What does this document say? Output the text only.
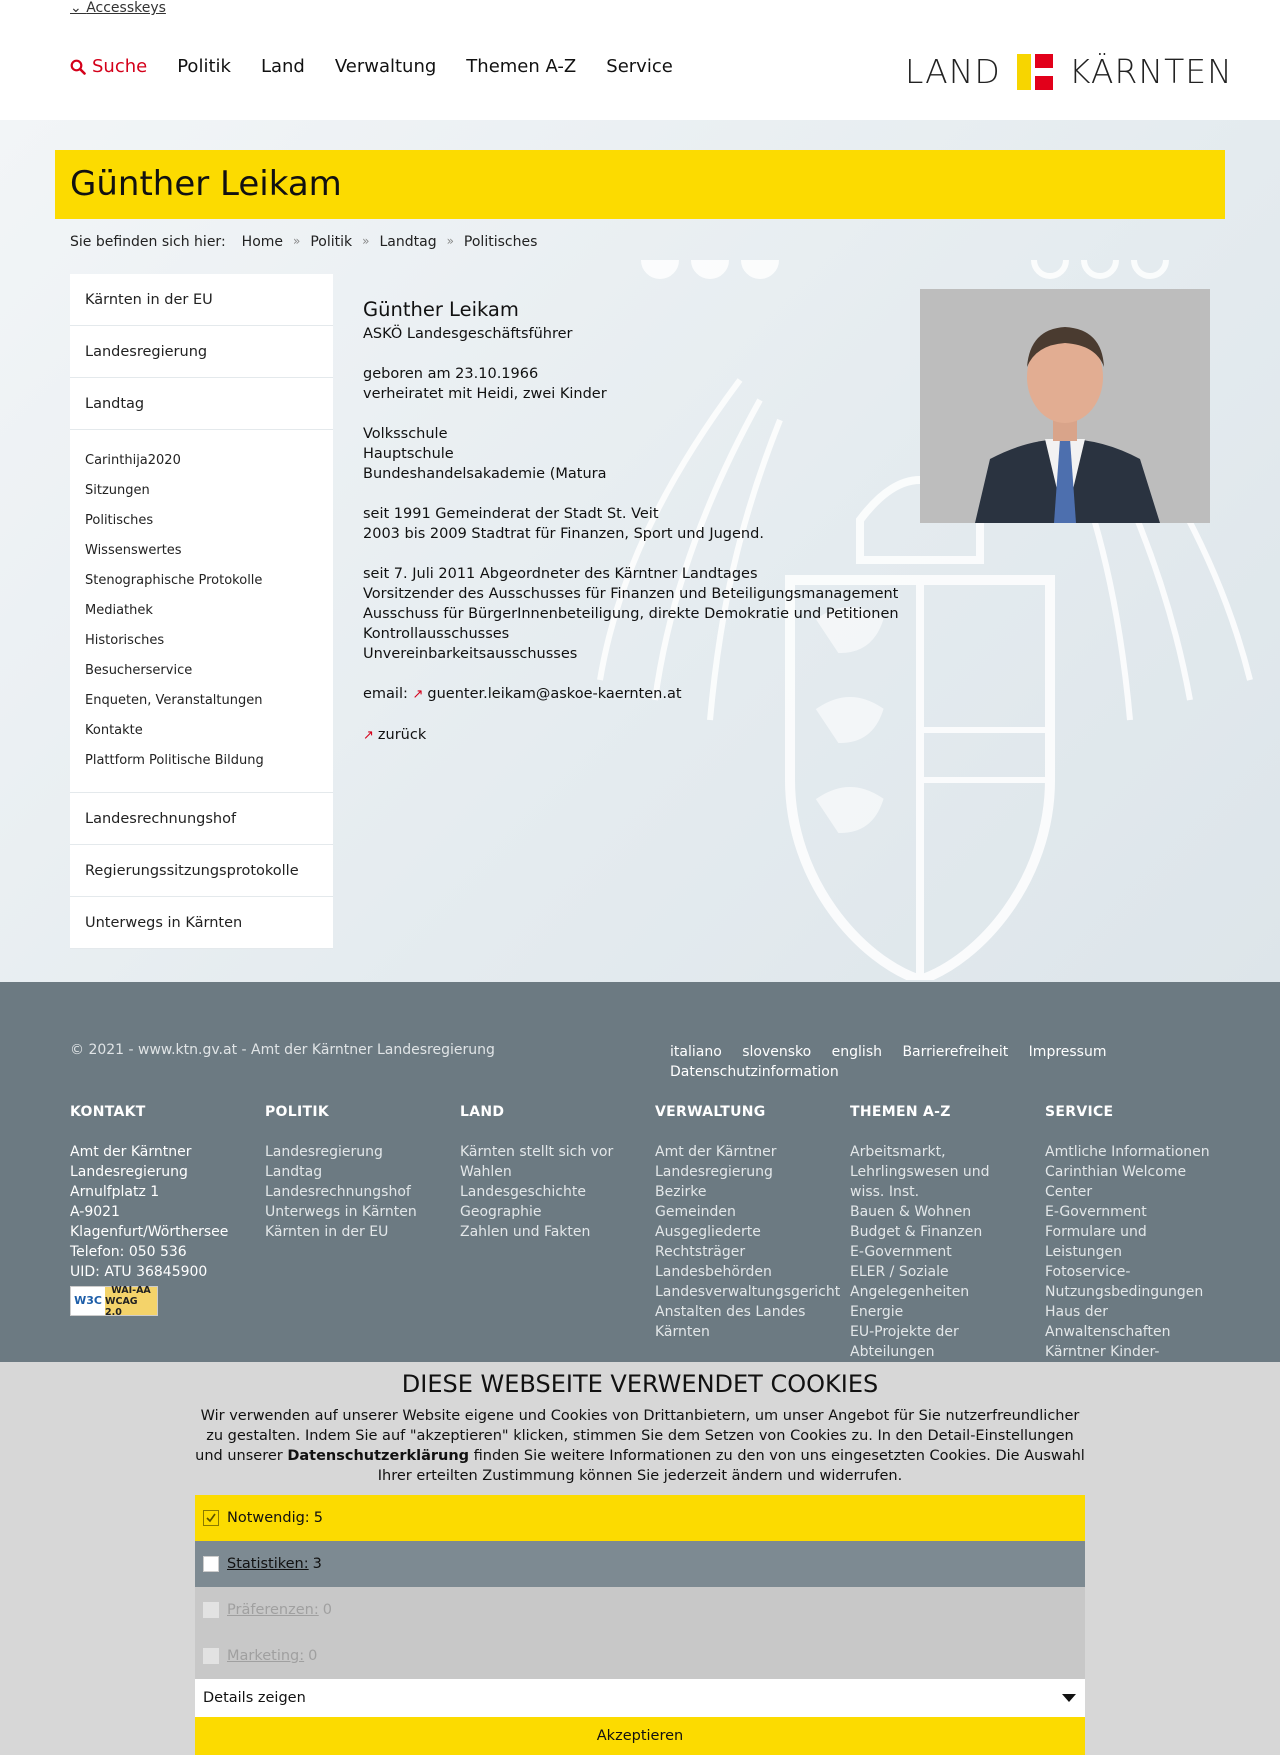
⌄ Accesskeys
Suche Politik Land Verwaltung Themen A-Z Service	LAND KÄRNTEN
Günther Leikam
Sie befinden sich hier: Home » Politik » Landtag » Politisches
Kärnten in der EU
Landesregierung
Landtag
Carinthija2020
Sitzungen
Politisches
Wissenswertes
Stenographische Protokolle
Mediathek
Historisches
Besucherservice
Enqueten, Veranstaltungen
Kontakte
Plattform Politische Bildung
Landesrechnungshof
Regierungssitzungsprotokolle
Unterwegs in Kärnten
Günther Leikam

ASKÖ Landesgeschäftsführer

geboren am 23.10.1966
verheiratet mit Heidi, zwei Kinder

Volksschule
Hauptschule
Bundeshandelsakademie (Matura

seit 1991 Gemeinderat der Stadt St. Veit
2003 bis 2009 Stadtrat für Finanzen, Sport und Jugend.

seit 7. Juli 2011 Abgeordneter des Kärntner Landtages
Vorsitzender des Ausschusses für Finanzen und Beteiligungsmanagement
Ausschuss für BürgerInnenbeteiligung, direkte Demokratie und Petitionen
Kontrollausschusses
Unvereinbarkeitsausschusses

email: ↗ guenter.leikam@askoe-kaernten.at

↗ zurück

© 2021 - www.ktn.gv.at - Amt der Kärntner Landesregierung	italiano slovensko english Barrierefreiheit Impressum
Datenschutzinformation
KONTAKT
Amt der Kärntner
Landesregierung
Arnulfplatz 1
A-9021
Klagenfurt/Wörthersee
Telefon: 050 536
UID: ATU 36845900
W3C
WAI-AA
WCAG 2.0
POLITIK
Landesregierung
Landtag
Landesrechnungshof
Unterwegs in Kärnten
Kärnten in der EU
LAND
Kärnten stellt sich vor
Wahlen
Landesgeschichte
Geographie
Zahlen und Fakten
VERWALTUNG
Amt der Kärntner
Landesregierung
Bezirke
Gemeinden
Ausgegliederte
Rechtsträger
Landesbehörden
Landesverwaltungsgericht
Anstalten des Landes
Kärnten
THEMEN A-Z
Arbeitsmarkt,
Lehrlingswesen und
wiss. Inst.
Bauen & Wohnen
Budget & Finanzen
E-Government
ELER / Soziale
Angelegenheiten
Energie
EU-Projekte der
Abteilungen
SERVICE
Amtliche Informationen
Carinthian Welcome
Center
E-Government
Formulare und
Leistungen
Fotoservice-
Nutzungsbedingungen
Haus der
Anwaltenschaften
Kärntner Kinder-
DIESE WEBSEITE VERWENDET COOKIES
Wir verwenden auf unserer Website eigene und Cookies von Drittanbietern, um unser Angebot für Sie nutzerfreundlicher zu gestalten. Indem Sie auf "akzeptieren" klicken, stimmen Sie dem Setzen von Cookies zu. In den Detail-Einstellungen und unserer Datenschutzerklärung finden Sie weitere Informationen zu den von uns eingesetzten Cookies. Die Auswahl Ihrer erteilten Zustimmung können Sie jederzeit ändern und widerrufen.
Notwendig: 5
Statistiken: 3
Präferenzen: 0
Marketing: 0
Details zeigen
Akzeptieren
